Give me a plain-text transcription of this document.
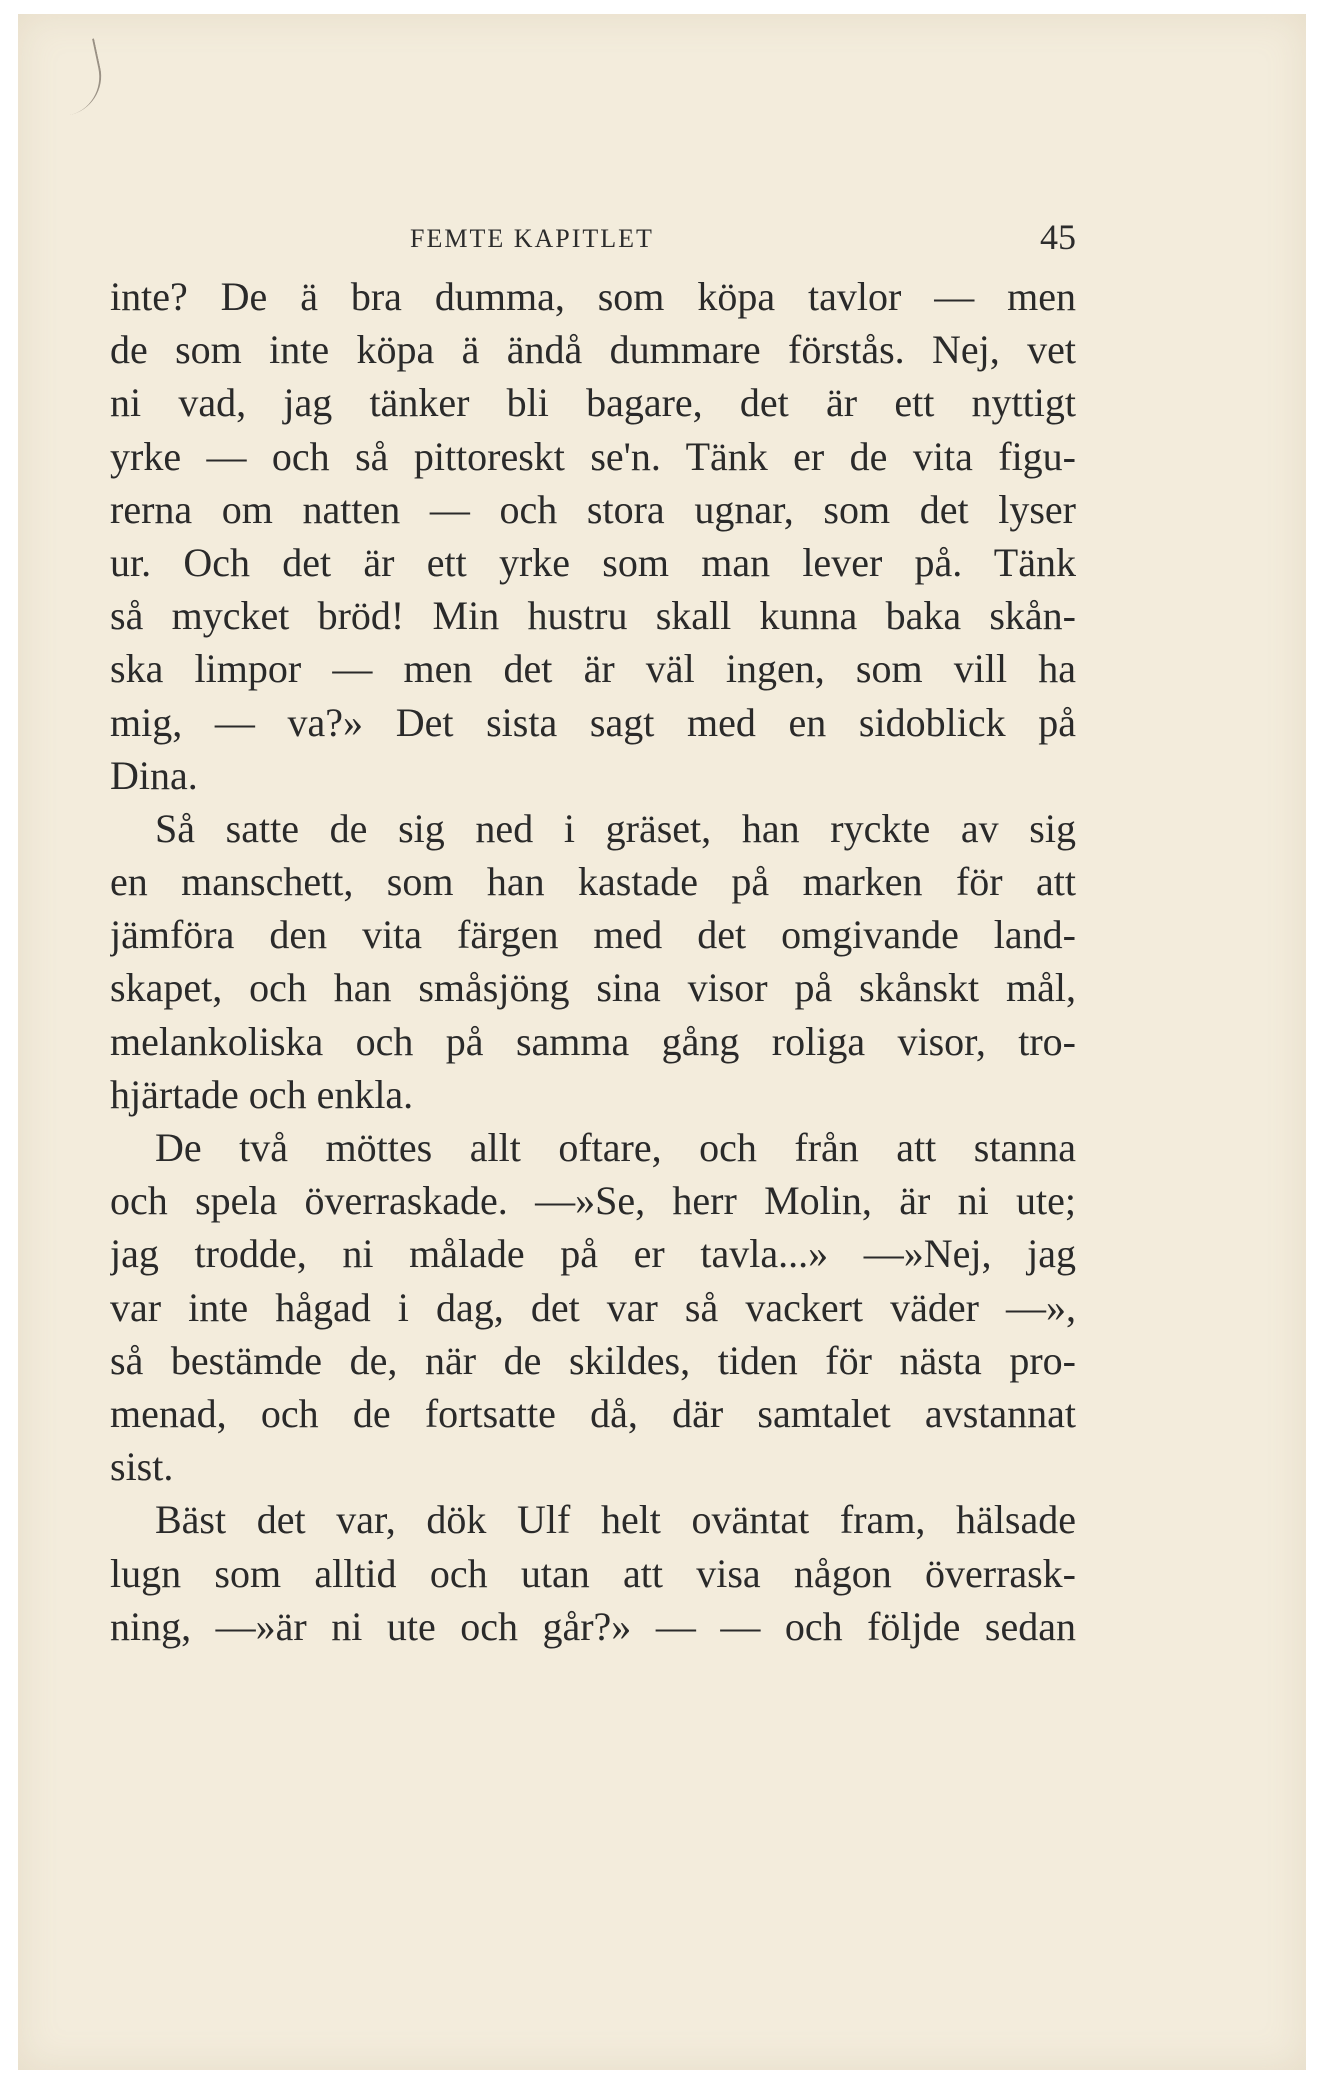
FEMTE KAPITLET	45
inte? De ä bra dumma, som köpa tavlor — men
de som inte köpa ä ändå dummare förstås. Nej, vet
ni vad, jag tänker bli bagare, det är ett nyttigt
yrke — och så pittoreskt se'n. Tänk er de vita figu-
rerna om natten — och stora ugnar, som det lyser
ur. Och det är ett yrke som man lever på. Tänk
så mycket bröd! Min hustru skall kunna baka skån-
ska limpor — men det är väl ingen, som vill ha
mig, — va?» Det sista sagt med en sidoblick på
Dina.
Så satte de sig ned i gräset, han ryckte av sig
en manschett, som han kastade på marken för att
jämföra den vita färgen med det omgivande land-
skapet, och han småsjöng sina visor på skånskt mål,
melankoliska och på samma gång roliga visor, tro-
hjärtade och enkla.
De två möttes allt oftare, och från att stanna
och spela överraskade. —»Se, herr Molin, är ni ute;
jag trodde, ni målade på er tavla...» —»Nej, jag
var inte hågad i dag, det var så vackert väder —»,
så bestämde de, när de skildes, tiden för nästa pro-
menad, och de fortsatte då, där samtalet avstannat
sist.
Bäst det var, dök Ulf helt oväntat fram, hälsade
lugn som alltid och utan att visa någon överrask-
ning, —»är ni ute och går?» — — och följde sedan
